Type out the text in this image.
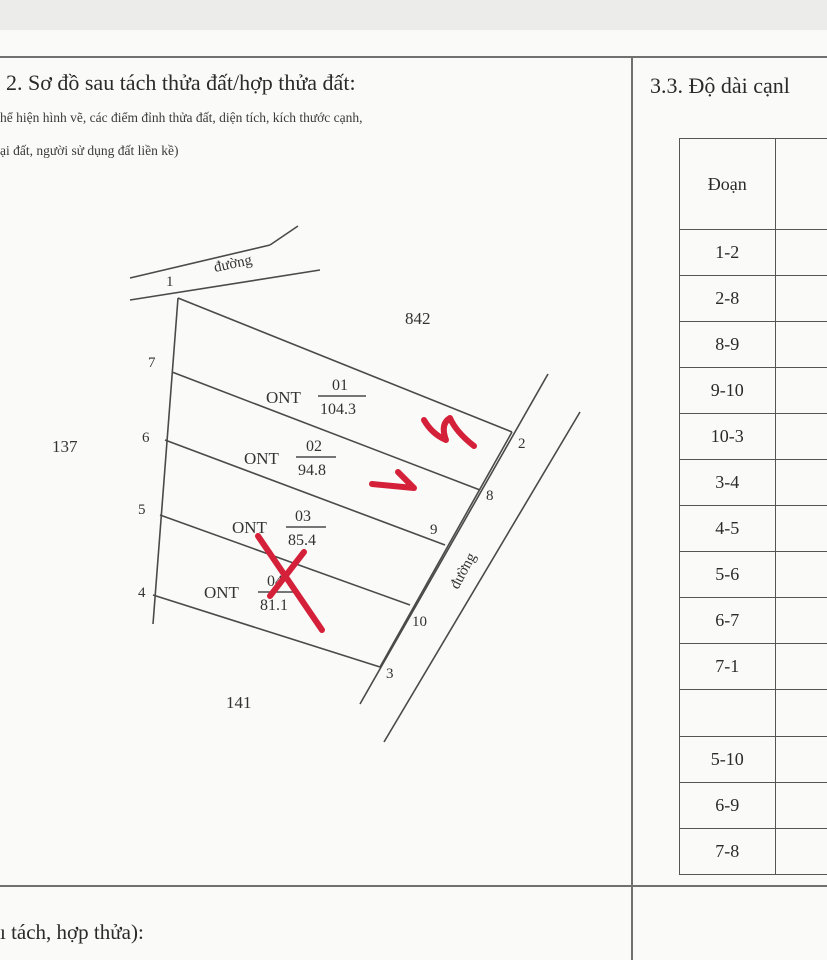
2. Sơ đồ sau tách thửa đất/hợp thửa đất:
hể hiện hình vẽ, các điểm đỉnh thửa đất, diện tích, kích thước cạnh,
ại đất, người sử dụng đất liền kề)
3.3. Độ dài cạnl
Đoạn	
1-2	
2-8	
8-9	
9-10	
10-3	
3-4	
4-5	
5-6	
6-7	
7-1	

5-10	
6-9	
7-8	
ı tách, hợp thửa):
đường
đường
842
137
141
1
2
3
4
5
6
7
8
9
10
ONT
01
104.3
ONT
02
94.8
ONT
03
85.4
ONT
04
81.1
